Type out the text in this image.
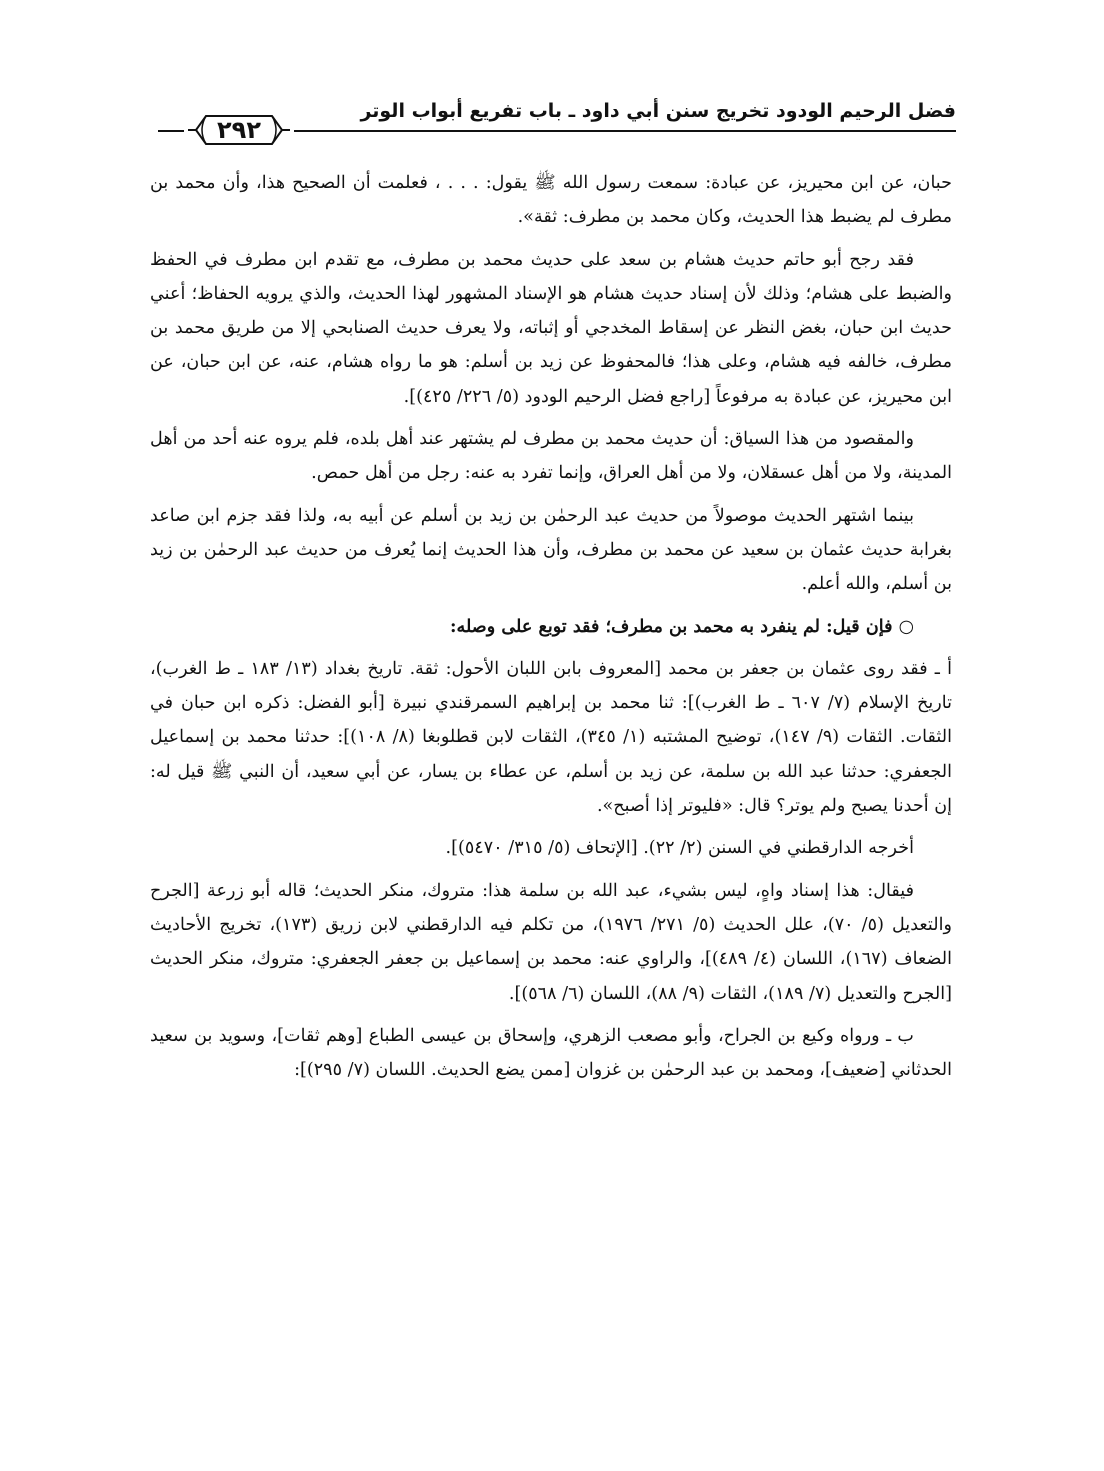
فضل الرحيم الودود تخريج سنن أبي داود ـ باب تفريع أبواب الوتر
٢٩٢

حبان، عن ابن محيريز، عن عبادة: سمعت رسول الله ﷺ يقول: . . . ، فعلمت أن الصحيح هذا، وأن محمد بن مطرف لم يضبط هذا الحديث، وكان محمد بن مطرف: ثقة».

فقد رجح أبو حاتم حديث هشام بن سعد على حديث محمد بن مطرف، مع تقدم ابن مطرف في الحفظ والضبط على هشام؛ وذلك لأن إسناد حديث هشام هو الإسناد المشهور لهذا الحديث، والذي يرويه الحفاظ؛ أعني حديث ابن حبان، بغض النظر عن إسقاط المخدجي أو إثباته، ولا يعرف حديث الصنابحي إلا من طريق محمد بن مطرف، خالفه فيه هشام، وعلى هذا؛ فالمحفوظ عن زيد بن أسلم: هو ما رواه هشام، عنه، عن ابن حبان، عن ابن محيريز، عن عبادة به مرفوعاً [راجع فضل الرحيم الودود (٥/ ٢٢٦/ ٤٢٥)].

والمقصود من هذا السياق: أن حديث محمد بن مطرف لم يشتهر عند أهل بلده، فلم يروه عنه أحد من أهل المدينة، ولا من أهل عسقلان، ولا من أهل العراق، وإنما تفرد به عنه: رجل من أهل حمص.

بينما اشتهر الحديث موصولاً من حديث عبد الرحمٰن بن زيد بن أسلم عن أبيه به، ولذا فقد جزم ابن صاعد بغرابة حديث عثمان بن سعيد عن محمد بن مطرف، وأن هذا الحديث إنما يُعرف من حديث عبد الرحمٰن بن زيد بن أسلم، والله أعلم.

○ فإن قيل: لم ينفرد به محمد بن مطرف؛ فقد توبع على وصله:

أ ـ فقد روى عثمان بن جعفر بن محمد [المعروف بابن اللبان الأحول: ثقة. تاريخ بغداد (١٣/ ١٨٣ ـ ط الغرب)، تاريخ الإسلام (٧/ ٦٠٧ ـ ط الغرب)]: ثنا محمد بن إبراهيم السمرقندي نبيرة [أبو الفضل: ذكره ابن حبان في الثقات. الثقات (٩/ ١٤٧)، توضيح المشتبه (١/ ٣٤٥)، الثقات لابن قطلوبغا (٨/ ١٠٨)]: حدثنا محمد بن إسماعيل الجعفري: حدثنا عبد الله بن سلمة، عن زيد بن أسلم، عن عطاء بن يسار، عن أبي سعيد، أن النبي ﷺ قيل له: إن أحدنا يصبح ولم يوتر؟ قال: «فليوتر إذا أصبح».

أخرجه الدارقطني في السنن (٢/ ٢٢). [الإتحاف (٥/ ٣١٥/ ٥٤٧٠)].

فيقال: هذا إسناد واهٍ، ليس بشيء، عبد الله بن سلمة هذا: متروك، منكر الحديث؛ قاله أبو زرعة [الجرح والتعديل (٥/ ٧٠)، علل الحديث (٥/ ٢٧١/ ١٩٧٦)، من تكلم فيه الدارقطني لابن زريق (١٧٣)، تخريج الأحاديث الضعاف (١٦٧)، اللسان (٤/ ٤٨٩)]، والراوي عنه: محمد بن إسماعيل بن جعفر الجعفري: متروك، منكر الحديث [الجرح والتعديل (٧/ ١٨٩)، الثقات (٩/ ٨٨)، اللسان (٦/ ٥٦٨)].

ب ـ ورواه وكيع بن الجراح، وأبو مصعب الزهري، وإسحاق بن عيسى الطباع [وهم ثقات]، وسويد بن سعيد الحدثاني [ضعيف]، ومحمد بن عبد الرحمٰن بن غزوان [ممن يضع الحديث. اللسان (٧/ ٢٩٥)]:
